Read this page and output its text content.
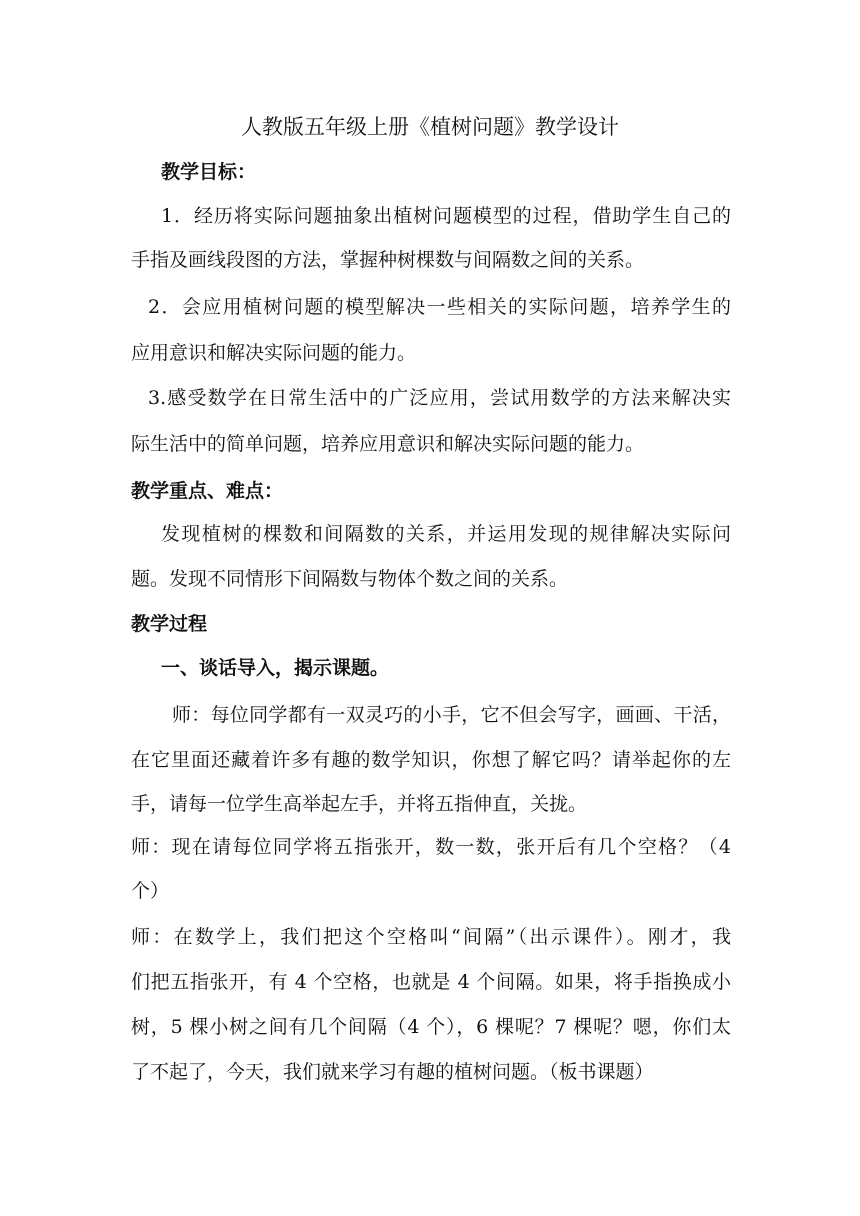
人教版五年级上册《植树问题》教学设计
教学目标：
1．经历将实际问题抽象出植树问题模型的过程，借助学生自己的
手指及画线段图的方法，掌握种树棵数与间隔数之间的关系。
2．会应用植树问题的模型解决一些相关的实际问题，培养学生的
应用意识和解决实际问题的能力。
3.感受数学在日常生活中的广泛应用，尝试用数学的方法来解决实
际生活中的简单问题，培养应用意识和解决实际问题的能力。
教学重点、难点：
发现植树的棵数和间隔数的关系，并运用发现的规律解决实际问
题。发现不同情形下间隔数与物体个数之间的关系。
教学过程
一、谈话导入，揭示课题。
师：每位同学都有一双灵巧的小手，它不但会写字，画画、干活，
在它里面还藏着许多有趣的数学知识，你想了解它吗？请举起你的左
手，请每一位学生高举起左手，并将五指伸直，关拢。
师：现在请每位同学将五指张开，数一数，张开后有几个空格？（4
个）
师：在数学上，我们把这个空格叫“间隔”（出示课件）。刚才，我
们把五指张开，有 4 个空格，也就是 4 个间隔。如果，将手指换成小
树，5 棵小树之间有几个间隔（4 个），6 棵呢？7 棵呢？嗯，你们太
了不起了，今天，我们就来学习有趣的植树问题。（板书课题）
